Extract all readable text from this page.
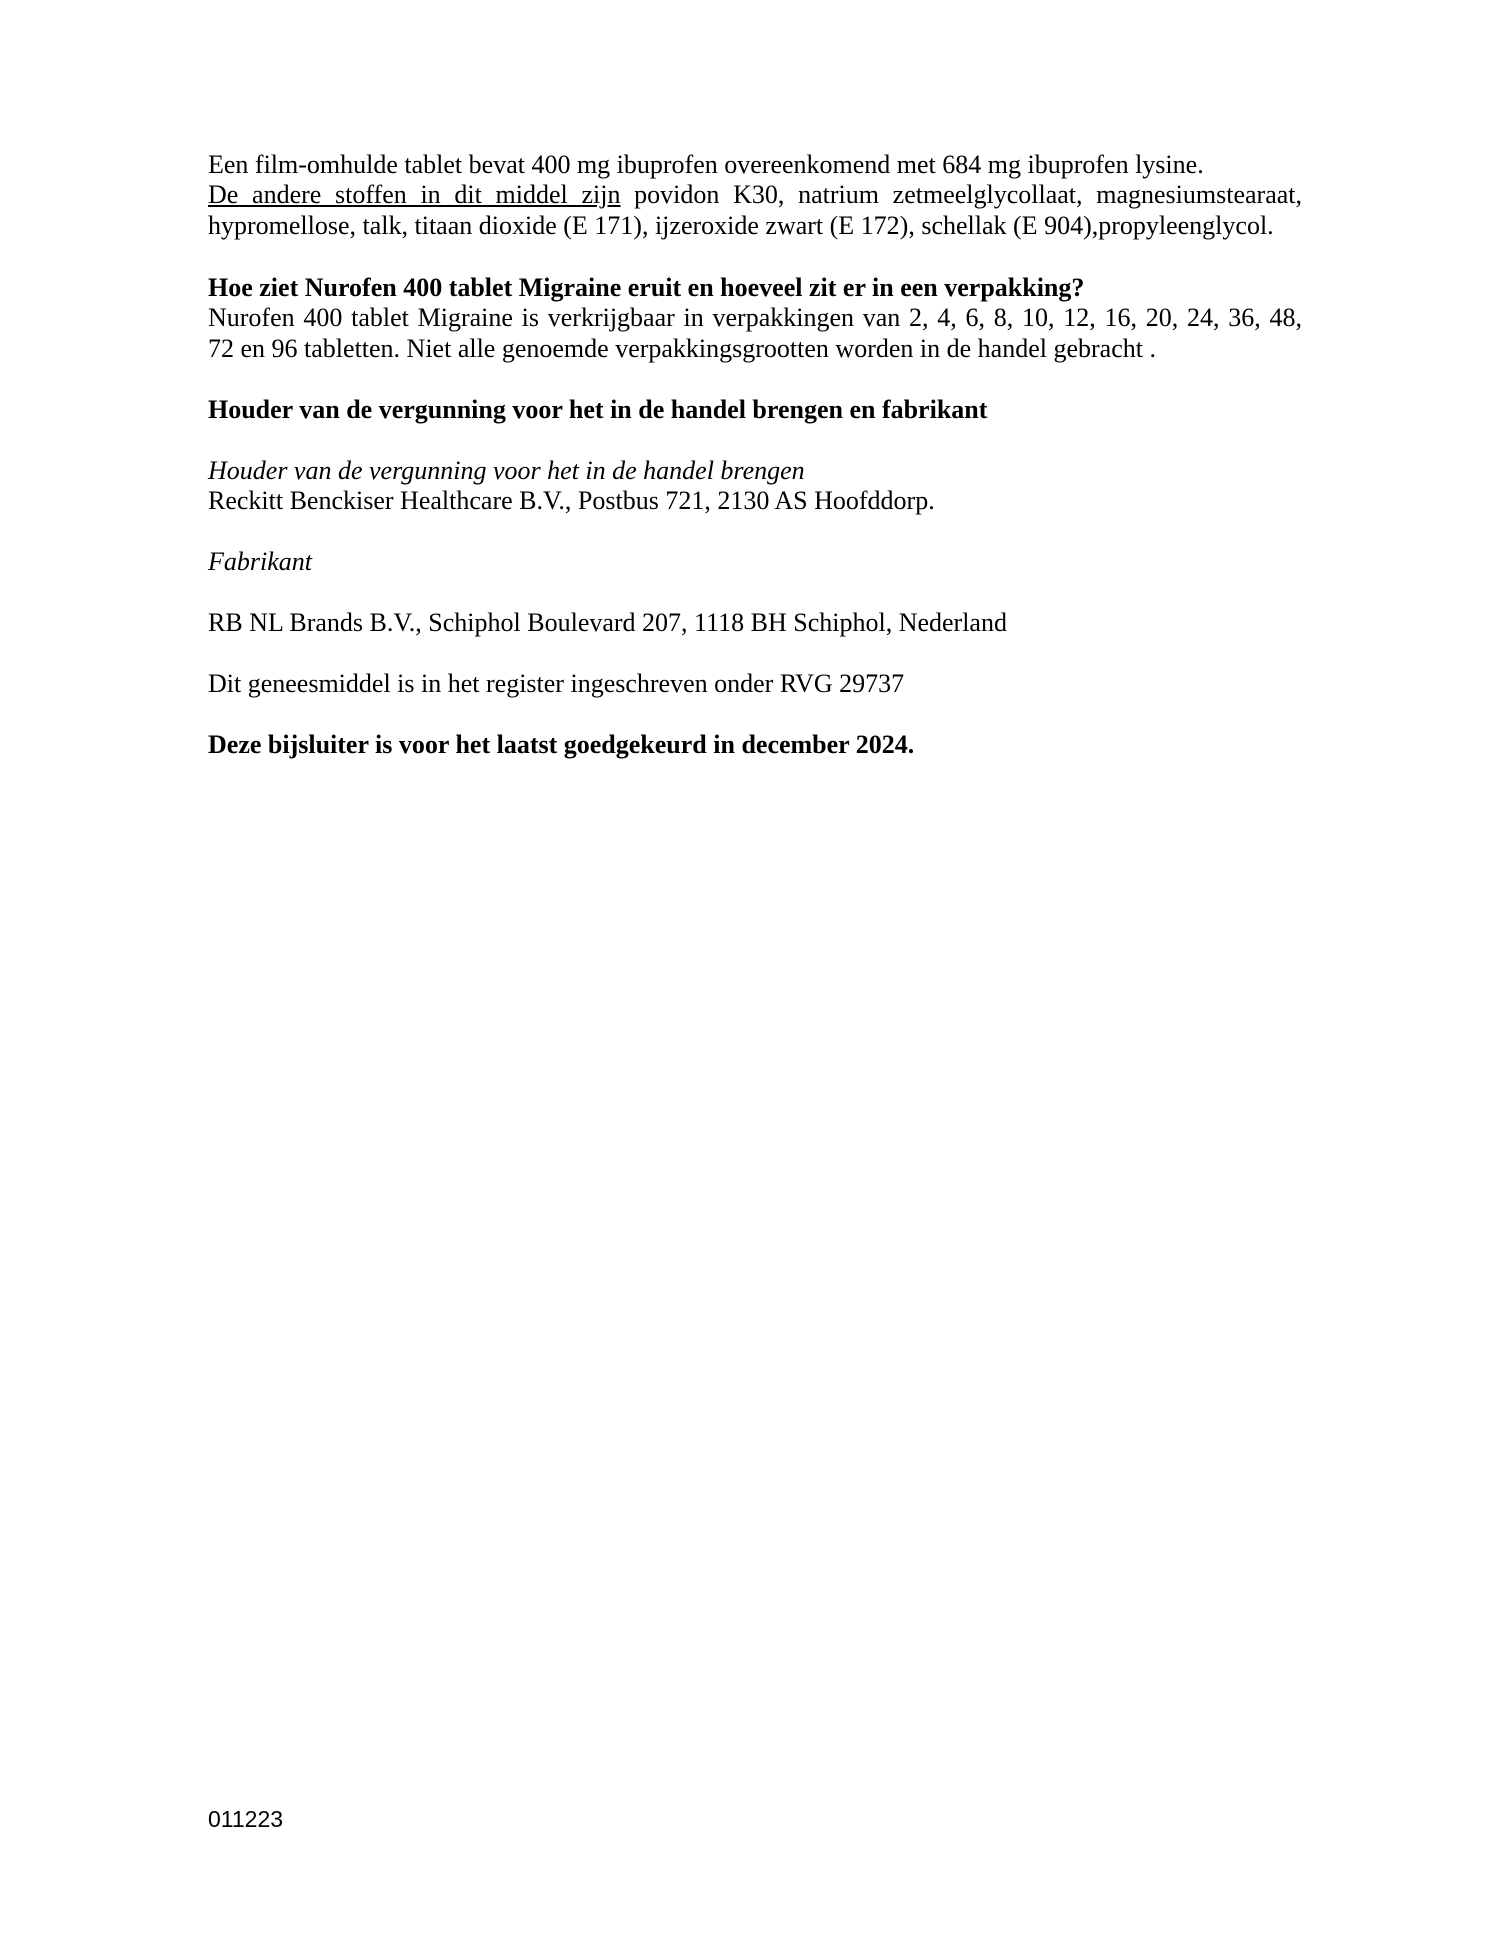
Een film-omhulde tablet bevat 400 mg ibuprofen overeenkomend met 684 mg ibuprofen lysine.
De andere stoffen in dit middel zijn povidon K30, natrium zetmeelglycollaat, magnesiumstearaat,
hypromellose, talk, titaan dioxide (E 171), ijzeroxide zwart (E 172), schellak (E 904),propyleenglycol.
Hoe ziet Nurofen 400 tablet Migraine eruit en hoeveel zit er in een verpakking?
Nurofen 400 tablet Migraine is verkrijgbaar in verpakkingen van 2, 4, 6, 8, 10, 12, 16, 20, 24, 36, 48,
72 en 96 tabletten. Niet alle genoemde verpakkingsgrootten worden in de handel gebracht .
Houder van de vergunning voor het in de handel brengen en fabrikant
Houder van de vergunning voor het in de handel brengen
Reckitt Benckiser Healthcare B.V., Postbus 721, 2130 AS Hoofddorp.
Fabrikant
RB NL Brands B.V., Schiphol Boulevard 207, 1118 BH Schiphol, Nederland
Dit geneesmiddel is in het register ingeschreven onder RVG 29737
Deze bijsluiter is voor het laatst goedgekeurd in december 2024.
011223
